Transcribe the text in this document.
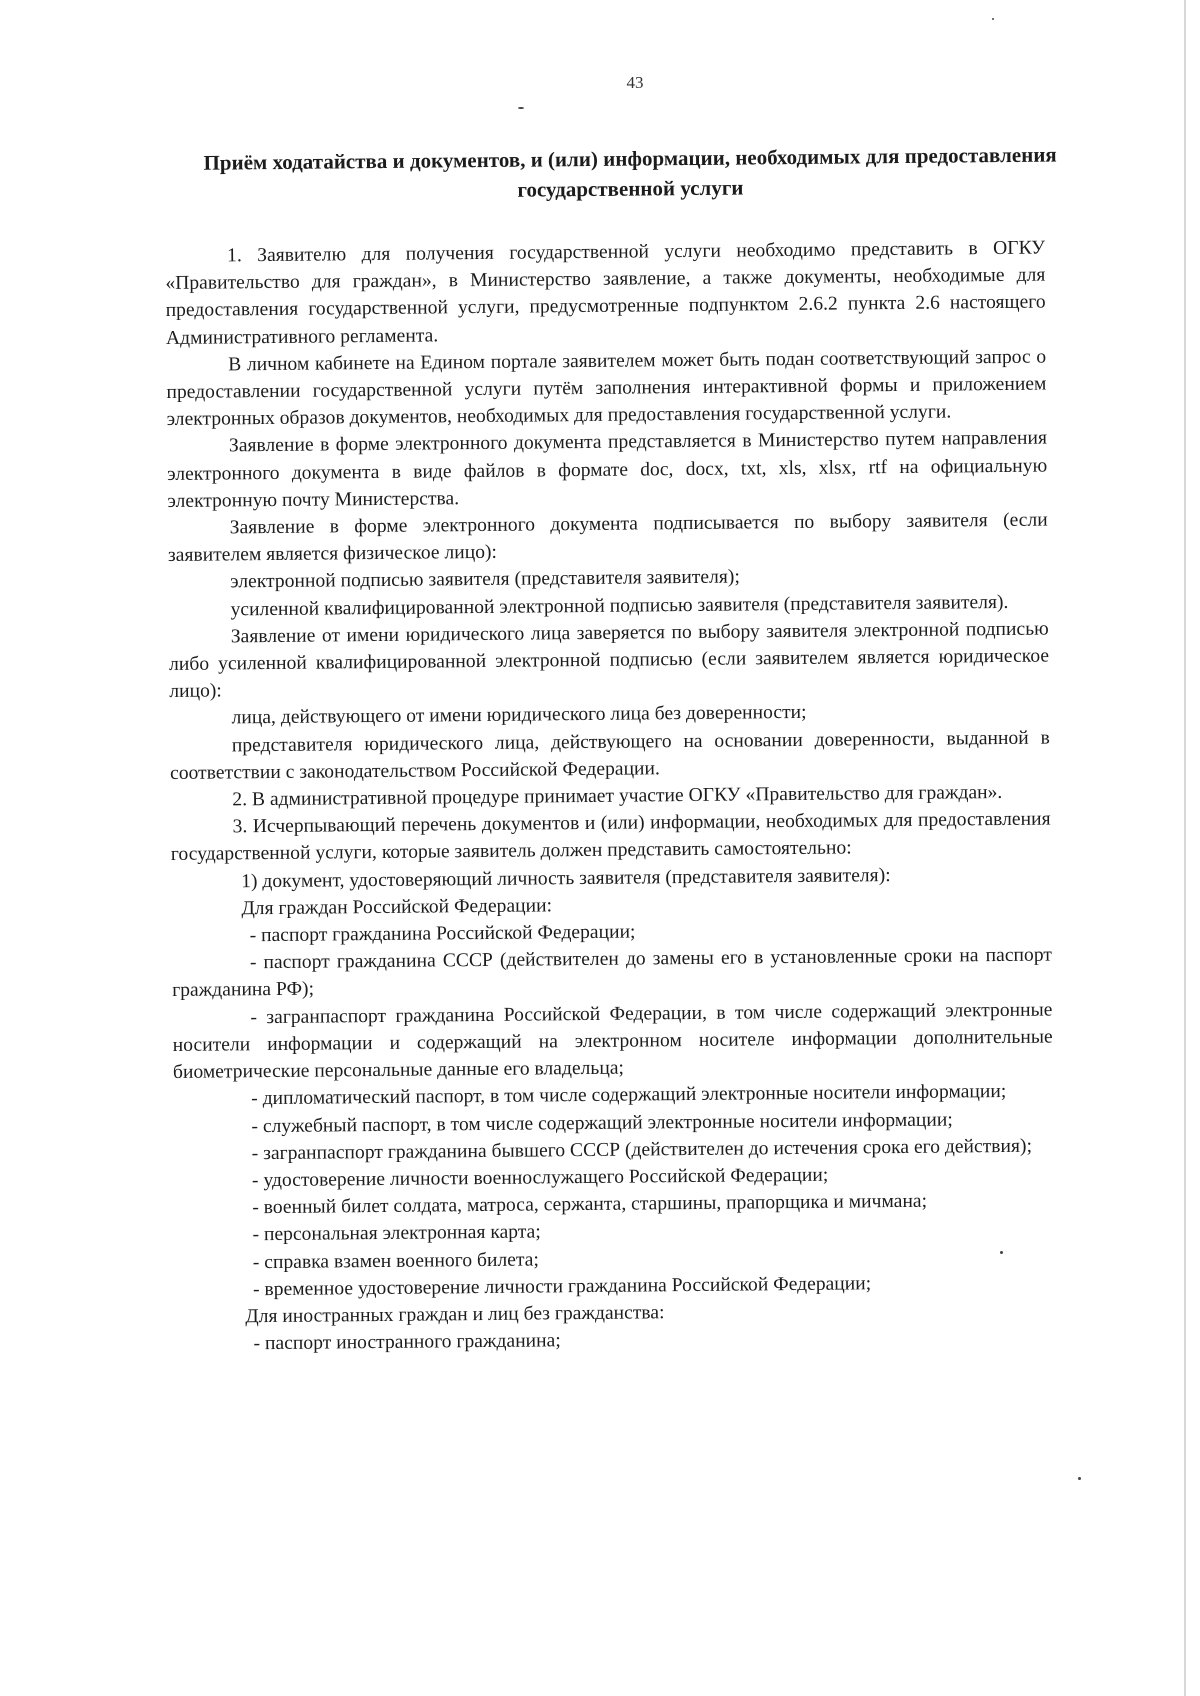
43
Приём ходатайства и документов, и (или) информации, необходимых для предоставления государственной услуги

1. Заявителю для получения государственной услуги необходимо представить в ОГКУ «Правительство для граждан», в Министерство заявление, а также документы, необходимые для предоставления государственной услуги, предусмотренные подпунктом 2.6.2 пункта 2.6 настоящего Административного регламента.

В личном кабинете на Едином портале заявителем может быть подан соответствующий запрос о предоставлении государственной услуги путём заполнения интерактивной формы и приложением электронных образов документов, необходимых для предоставления государственной услуги.

Заявление в форме электронного документа представляется в Министерство путем направления электронного документа в виде файлов в формате doc, docx, txt, xls, xlsx, rtf на официальную электронную почту Министерства.

Заявление в форме электронного документа подписывается по выбору заявителя (если заявителем является физическое лицо):

электронной подписью заявителя (представителя заявителя);

усиленной квалифицированной электронной подписью заявителя (представителя заявителя).

Заявление от имени юридического лица заверяется по выбору заявителя электронной подписью либо усиленной квалифицированной электронной подписью (если заявителем является юридическое лицо):

лица, действующего от имени юридического лица без доверенности;

представителя юридического лица, действующего на основании доверенности, выданной в соответствии с законодательством Российской Федерации.

2. В административной процедуре принимает участие ОГКУ «Правительство для граждан».

3. Исчерпывающий перечень документов и (или) информации, необходимых для предоставления государственной услуги, которые заявитель должен представить самостоятельно:

1) документ, удостоверяющий личность заявителя (представителя заявителя):

Для граждан Российской Федерации:

- паспорт гражданина Российской Федерации;

- паспорт гражданина СССР (действителен до замены его в установленные сроки на паспорт гражданина РФ);

- загранпаспорт гражданина Российской Федерации, в том числе содержащий электронные носители информации и содержащий на электронном носителе информации дополнительные биометрические персональные данные его владельца;

- дипломатический паспорт, в том числе содержащий электронные носители информации;

- служебный паспорт, в том числе содержащий электронные носители информации;

- загранпаспорт гражданина бывшего СССР (действителен до истечения срока его действия);

- удостоверение личности военнослужащего Российской Федерации;

- военный билет солдата, матроса, сержанта, старшины, прапорщика и мичмана;

- персональная электронная карта;

- справка взамен военного билета;

- временное удостоверение личности гражданина Российской Федерации;

Для иностранных граждан и лиц без гражданства:

- паспорт иностранного гражданина;
